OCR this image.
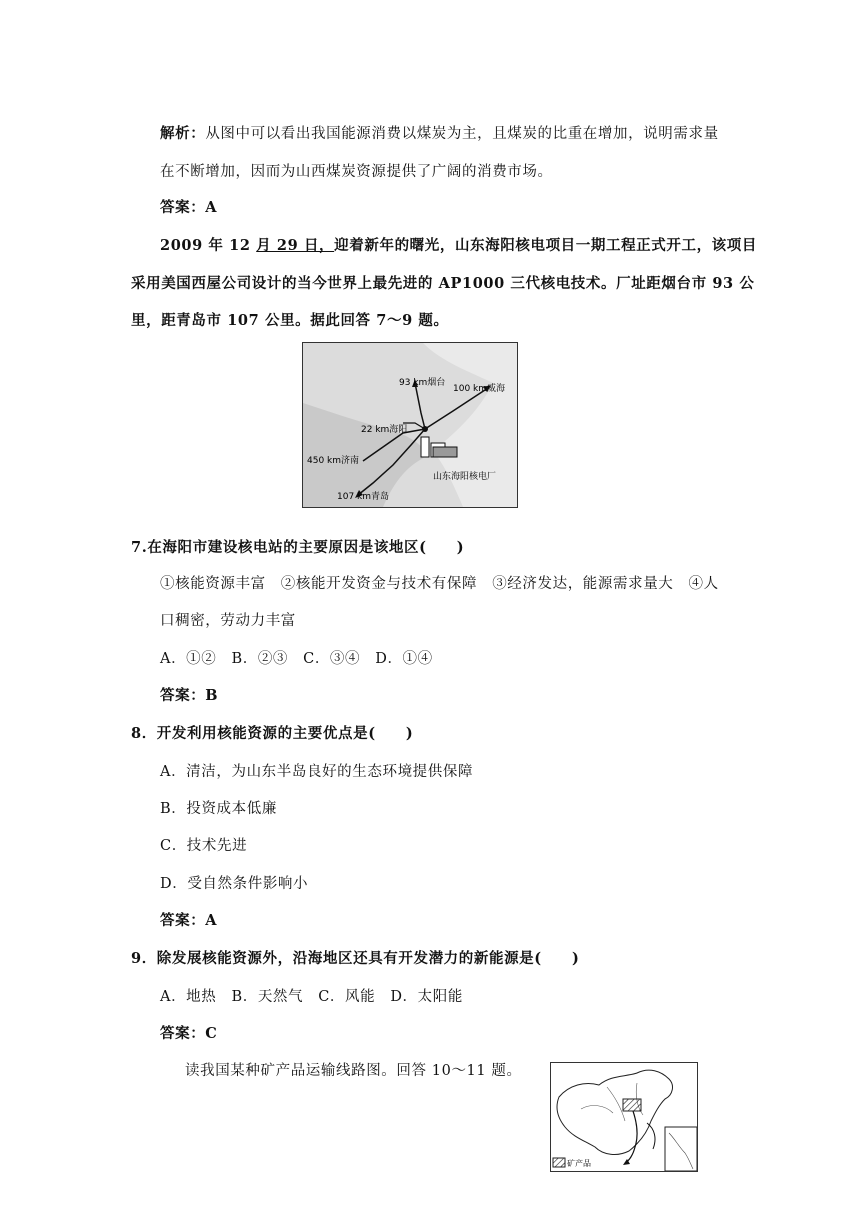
解析：从图中可以看出我国能源消费以煤炭为主，且煤炭的比重在增加，说明需求量
在不断增加，因而为山西煤炭资源提供了广阔的消费市场。
答案：A
2009 年 12 月 29 日，迎着新年的曙光，山东海阳核电项目一期工程正式开工，该项目
采用美国西屋公司设计的当今世界上最先进的 AP1000 三代核电技术。厂址距烟台市 93 公
里，距青岛市 107 公里。据此回答 7～9 题。
93 km烟台
100 km威海
22 km海阳
450 km济南
107 km青岛
山东海阳核电厂
7.在海阳市建设核电站的主要原因是该地区(　　)
①核能资源丰富　②核能开发资金与技术有保障　③经济发达，能源需求量大　④人
口稠密，劳动力丰富
A．①②　B．②③　C．③④　D．①④
答案：B
8．开发利用核能资源的主要优点是(　　)
A．清洁，为山东半岛良好的生态环境提供保障
B．投资成本低廉
C．技术先进
D．受自然条件影响小
答案：A
9．除发展核能资源外，沿海地区还具有开发潜力的新能源是(　　)
A．地热　B．天然气　C．风能　D．太阳能
答案：C
读我国某种矿产品运输线路图。回答 10～11 题。
矿产品
